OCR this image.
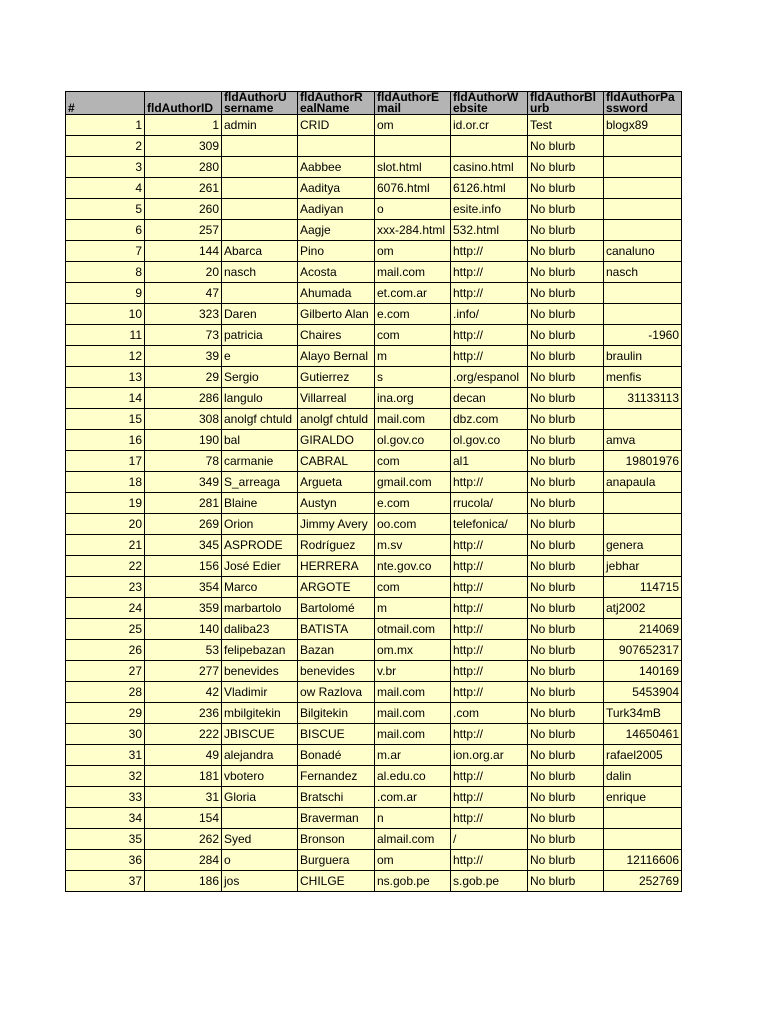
#	fldAuthorID	fldAuthorU sername	fldAuthorR ealName	fldAuthorE mail	fldAuthorW ebsite	fldAuthorBl urb	fldAuthorPa ssword
1	1	admin	CRID	om	id.or.cr	Test	blogx89
2	309					No blurb	
3	280		Aabbee	slot.html	casino.html	No blurb	
4	261		Aaditya	6076.html	6126.html	No blurb	
5	260		Aadiyan	o	esite.info	No blurb	
6	257		Aagje	xxx-284.html	532.html	No blurb	
7	144	Abarca	Pino	om	http://	No blurb	canaluno
8	20	nasch	Acosta	mail.com	http://	No blurb	nasch
9	47		Ahumada	et.com.ar	http://	No blurb	
10	323	Daren	Gilberto Alan	e.com	.info/	No blurb	
11	73	patricia	Chaires	com	http://	No blurb	-1960
12	39	e	Alayo Bernal	m	http://	No blurb	braulin
13	29	Sergio	Gutierrez	s	.org/espanol	No blurb	menfis
14	286	langulo	Villarreal	ina.org	decan	No blurb	31133113
15	308	anolgf chtuld	anolgf chtuld	mail.com	dbz.com	No blurb	
16	190	bal	GIRALDO	ol.gov.co	ol.gov.co	No blurb	amva
17	78	carmanie	CABRAL	com	al1	No blurb	19801976
18	349	S_arreaga	Argueta	gmail.com	http://	No blurb	anapaula
19	281	Blaine	Austyn	e.com	rrucola/	No blurb	
20	269	Orion	Jimmy Avery	oo.com	telefonica/	No blurb	
21	345	ASPRODE	Rodríguez	m.sv	http://	No blurb	genera
22	156	José Edier	HERRERA	nte.gov.co	http://	No blurb	jebhar
23	354	Marco	ARGOTE	com	http://	No blurb	114715
24	359	marbartolo	Bartolomé	m	http://	No blurb	atj2002
25	140	daliba23	BATISTA	otmail.com	http://	No blurb	214069
26	53	felipebazan	Bazan	om.mx	http://	No blurb	907652317
27	277	benevides	benevides	v.br	http://	No blurb	140169
28	42	Vladimir	ow Razlova	mail.com	http://	No blurb	5453904
29	236	mbilgitekin	Bilgitekin	mail.com	.com	No blurb	Turk34mB
30	222	JBISCUE	BISCUE	mail.com	http://	No blurb	14650461
31	49	alejandra	Bonadé	m.ar	ion.org.ar	No blurb	rafael2005
32	181	vbotero	Fernandez	al.edu.co	http://	No blurb	dalin
33	31	Gloria	Bratschi	.com.ar	http://	No blurb	enrique
34	154		Braverman	n	http://	No blurb	
35	262	Syed	Bronson	almail.com	/	No blurb	
36	284	o	Burguera	om	http://	No blurb	12116606
37	186	jos	CHILGE	ns.gob.pe	s.gob.pe	No blurb	252769
